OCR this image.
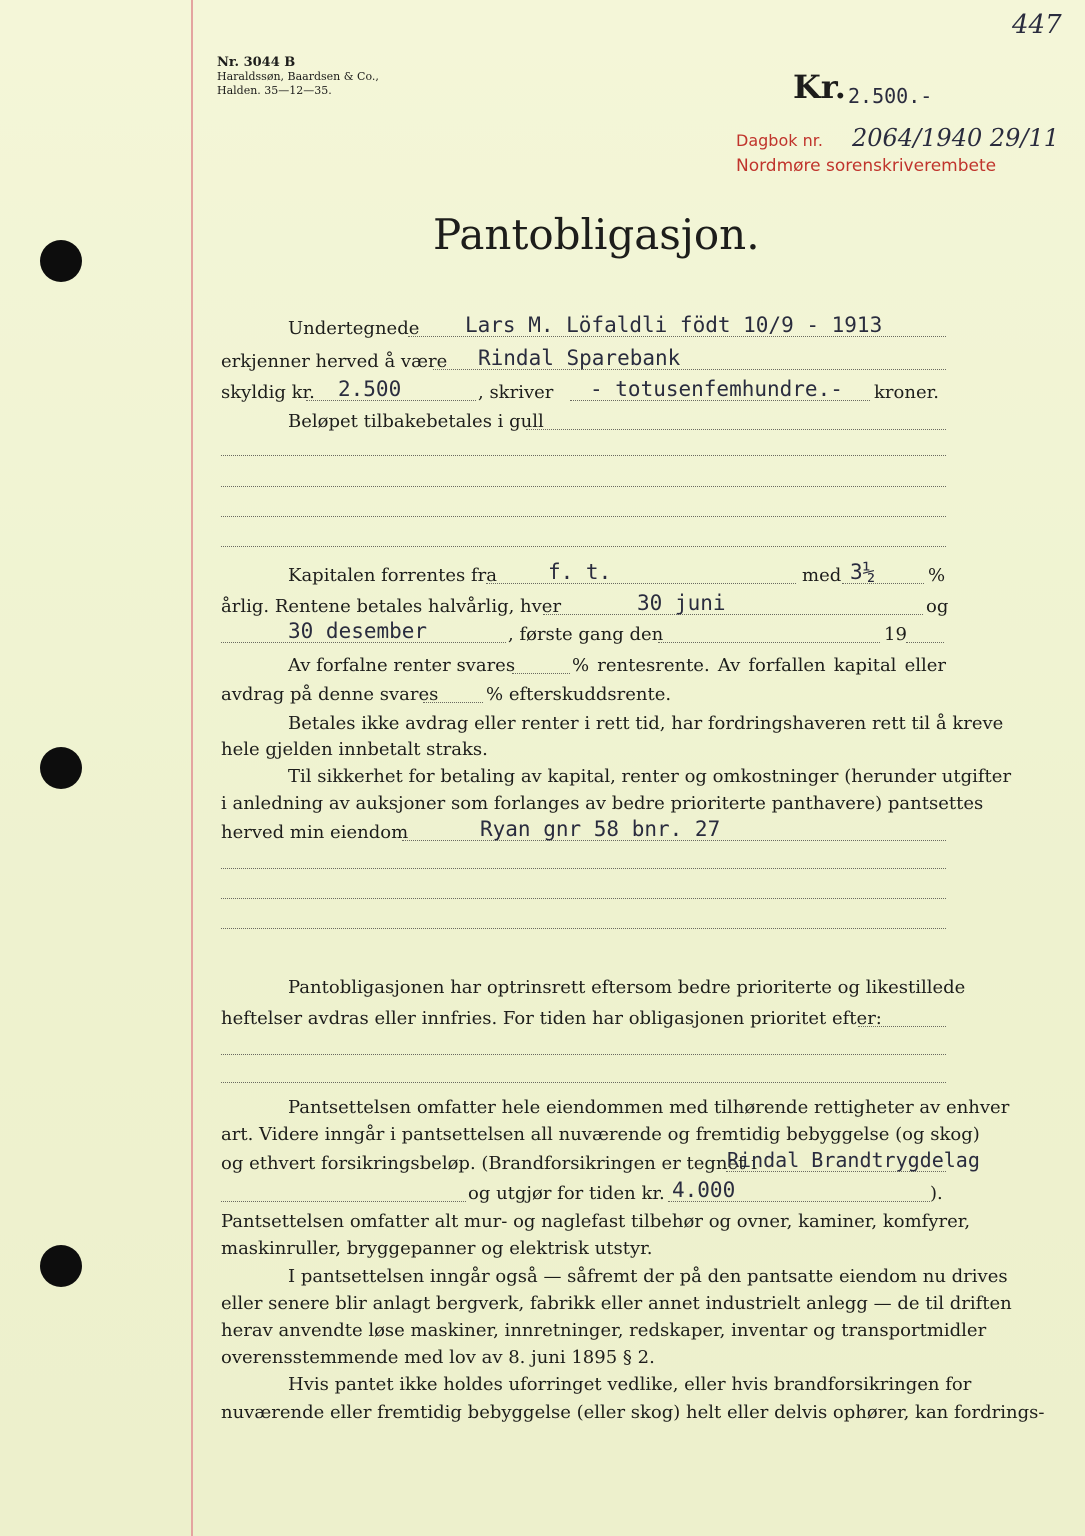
Nr. 3044 B
Haraldssøn, Baardsen & Co.,
Halden. 35—12—35.
447
Kr. 2.500.-
Dagbok nr. 2064/1940 29/11
Nordmøre sorenskriverembete
Pantobligasjon.
Undertegnede Lars M. Löfaldli födt 10/9 - 1913
erkjenner herved å være Rindal Sparebank
skyldig kr. 2.500	, skriver - totusenfemhundre.- kroner.
Beløpet tilbakebetales i gull
Kapitalen forrentes fra f. t.	med 3½	%
årlig. Rentene betales halvårlig, hver	30 juni	og
30 desember	, første gang den	19
Av forfalne renter svares	% rentesrente. Av forfallen kapital eller
avdrag på denne svares	% efterskuddsrente.
Betales ikke avdrag eller renter i rett tid, har fordringshaveren rett til å kreve
hele gjelden innbetalt straks.
Til sikkerhet for betaling av kapital, renter og omkostninger (herunder utgifter
i anledning av auksjoner som forlanges av bedre prioriterte panthavere) pantsettes
herved min eiendom	Ryan gnr 58 bnr. 27
Pantobligasjonen har optrinsrett eftersom bedre prioriterte og likestillede
heftelser avdras eller innfries. For tiden har obligasjonen prioritet efter:
Pantsettelsen omfatter hele eiendommen med tilhørende rettigheter av enhver
art. Videre inngår i pantsettelsen all nuværende og fremtidig bebyggelse (og skog)
og ethvert forsikringsbeløp. (Brandforsikringen er tegnet i
Rindal Brandtrygdelag
og utgjør for tiden kr. 4.000	).
Pantsettelsen omfatter alt mur- og naglefast tilbehør og ovner, kaminer, komfyrer,
maskinruller, bryggepanner og elektrisk utstyr.
I pantsettelsen inngår også — såfremt der på den pantsatte eiendom nu drives
eller senere blir anlagt bergverk, fabrikk eller annet industrielt anlegg — de til driften
herav anvendte løse maskiner, innretninger, redskaper, inventar og transportmidler
overensstemmende med lov av 8. juni 1895 § 2.
Hvis pantet ikke holdes uforringet vedlike, eller hvis brandforsikringen for
nuværende eller fremtidig bebyggelse (eller skog) helt eller delvis ophører, kan fordrings-
